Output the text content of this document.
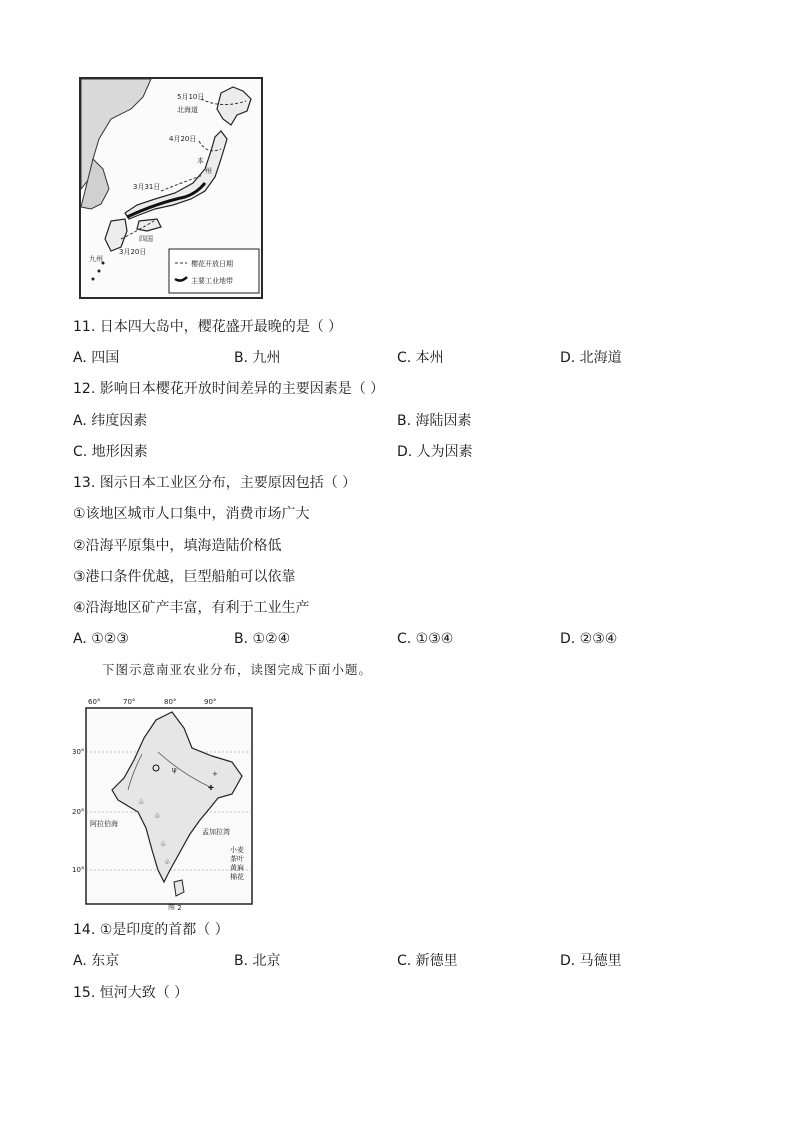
5月10日
北海道
4月20日
本
州
3月31日
四国
3月20日
九州
樱花开放日期
主要工业地带
11. 日本四大岛中，樱花盛开最晚的是（ ）
A. 四国	B. 九州	C. 本州	D. 北海道
12. 影响日本樱花开放时间差异的主要因素是（ ）
A. 纬度因素	B. 海陆因素
C. 地形因素	D. 人为因素
13. 图示日本工业区分布，主要原因包括（ ）
①该地区城市人口集中，消费市场广大
②沿海平原集中，填海造陆价格低
③港口条件优越，巨型船舶可以依靠
④沿海地区矿产丰富，有利于工业生产
A. ①②③	B. ①②④	C. ①③④	D. ②③④
下图示意南亚农业分布，读图完成下面小题。
60°	70°	80°	90°
30°
20°
10°
ψ	+
✚
♧
♧
♧
♧
阿拉伯海
孟加拉湾
小麦
茶叶
黄麻
棉花
图 2
14. ①是印度的首都（ ）
A. 东京	B. 北京	C. 新德里	D. 马德里
15. 恒河大致（ ）
